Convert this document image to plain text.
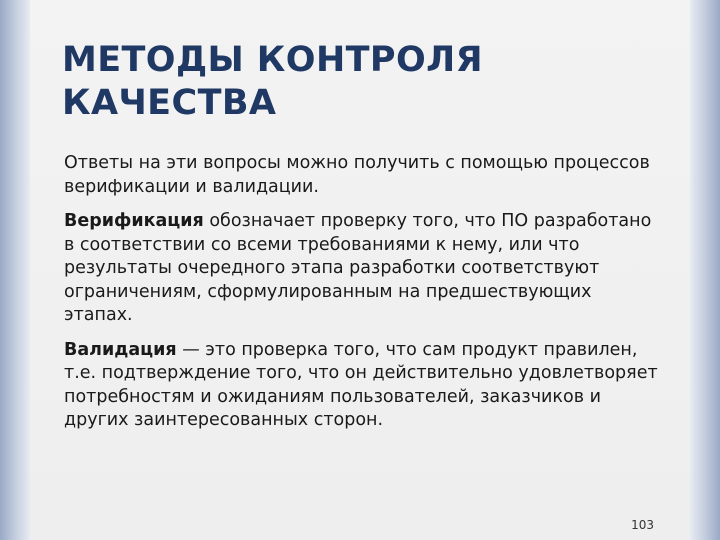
МЕТОДЫ КОНТРОЛЯ
КАЧЕСТВА

Ответы на эти вопросы можно получить с помощью процессов верификации и валидации.

Верификация обозначает проверку того, что ПО разработано в соответствии со всеми требованиями к нему, или что результаты очередного этапа разработки соответствуют ограничениям, сформулированным на предшествующих этапах.

Валидация — это проверка того, что сам продукт правилен, т.е. подтверждение того, что он действительно удовлетворяет потребностям и ожиданиям пользователей, заказчиков и других заинтересованных сторон.

103
